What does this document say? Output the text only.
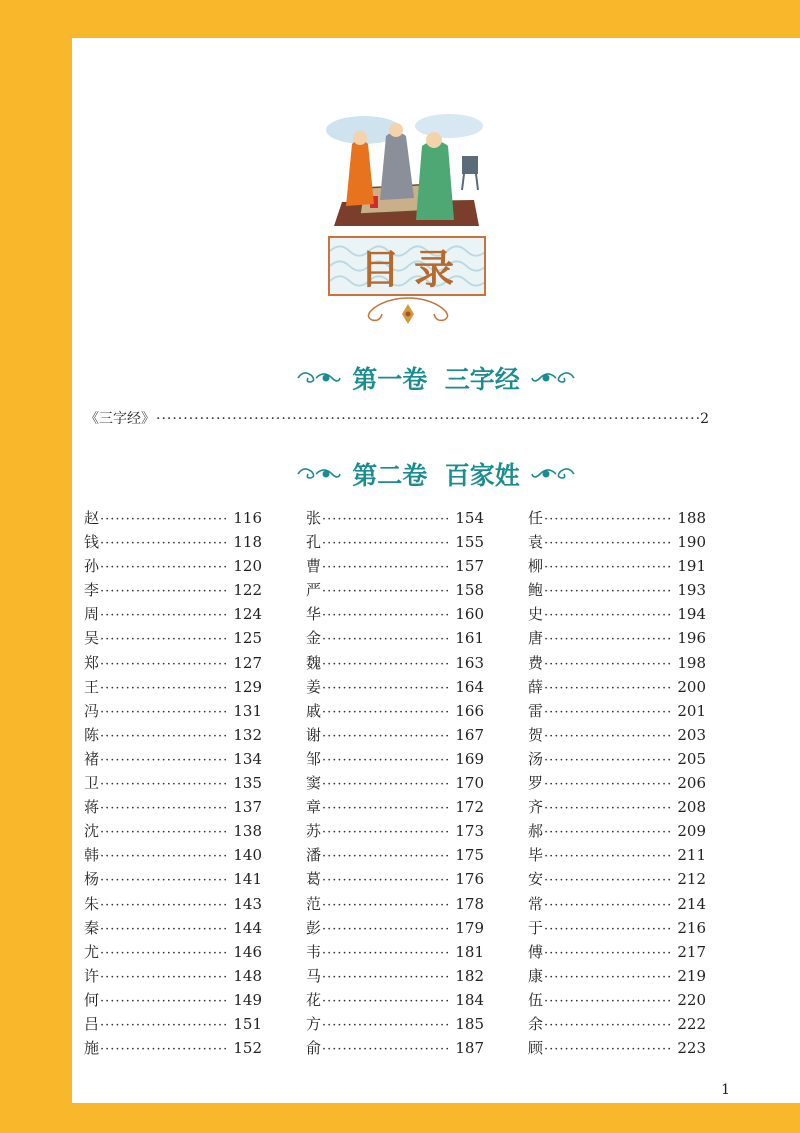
目录
第一卷  三字经
《三字经》 ·····	2
第二卷  百家姓
赵 ·····	116
钱 ·····	118
孙 ·····	120
李 ·····	122
周 ·····	124
吴 ·····	125
郑 ·····	127
王 ·····	129
冯 ·····	131
陈 ·····	132
褚 ·····	134
卫 ·····	135
蒋 ·····	137
沈 ·····	138
韩 ·····	140
杨 ·····	141
朱 ·····	143
秦 ·····	144
尤 ·····	146
许 ·····	148
何 ·····	149
吕 ·····	151
施 ·····	152
张 ·····	154
孔 ·····	155
曹 ·····	157
严 ·····	158
华 ·····	160
金 ·····	161
魏 ·····	163
姜 ·····	164
戚 ·····	166
谢 ·····	167
邹 ·····	169
窦 ·····	170
章 ·····	172
苏 ·····	173
潘 ·····	175
葛 ·····	176
范 ·····	178
彭 ·····	179
韦 ·····	181
马 ·····	182
花 ·····	184
方 ·····	185
俞 ·····	187
任 ·····	188
袁 ·····	190
柳 ·····	191
鲍 ·····	193
史 ·····	194
唐 ·····	196
费 ·····	198
薛 ·····	200
雷 ·····	201
贺 ·····	203
汤 ·····	205
罗 ·····	206
齐 ·····	208
郝 ·····	209
毕 ·····	211
安 ·····	212
常 ·····	214
于 ·····	216
傅 ·····	217
康 ·····	219
伍 ·····	220
余 ·····	222
顾 ·····	223
1
